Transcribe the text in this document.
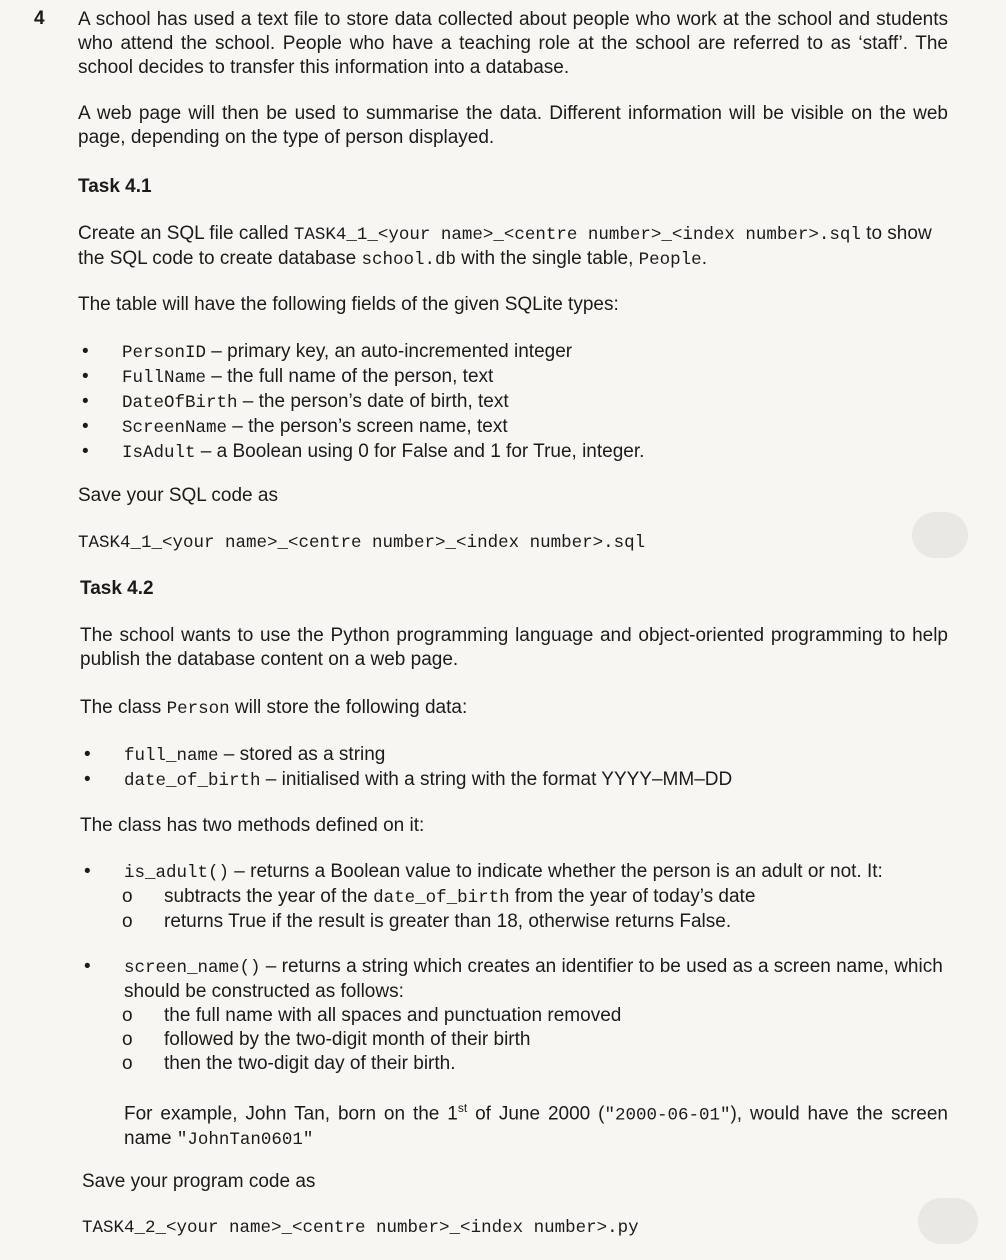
4 A school has used a text file to store data collected about people who work at the school and students who attend the school. People who have a teaching role at the school are referred to as ‘staff’. The school decides to transfer this information into a database.

A web page will then be used to summarise the data. Different information will be visible on the web page, depending on the type of person displayed.

Task 4.1

Create an SQL file called TASK4_1_<your name>_<centre number>_<index number>.sql to show the SQL code to create database school.db with the single table, People.

The table will have the following fields of the given SQLite types:

• PersonID – primary key, an auto-incremented integer
• FullName – the full name of the person, text
• DateOfBirth – the person’s date of birth, text
• ScreenName – the person’s screen name, text
• IsAdult – a Boolean using 0 for False and 1 for True, integer.

Save your SQL code as

TASK4_1_<your name>_<centre number>_<index number>.sql

Task 4.2

The school wants to use the Python programming language and object-oriented programming to help publish the database content on a web page.

The class Person will store the following data:

• full_name – stored as a string
• date_of_birth – initialised with a string with the format YYYY–MM–DD

The class has two methods defined on it:

• is_adult() – returns a Boolean value to indicate whether the person is an adult or not. It:
o subtracts the year of the date_of_birth from the year of today’s date
o returns True if the result is greater than 18, otherwise returns False.
• screen_name() – returns a string which creates an identifier to be used as a screen name, which should be constructed as follows:
o the full name with all spaces and punctuation removed
o followed by the two-digit month of their birth
o then the two-digit day of their birth.

For example, John Tan, born on the 1st of June 2000 ("2000-06-01"), would have the screen name "JohnTan0601"

Save your program code as

TASK4_2_<your name>_<centre number>_<index number>.py
